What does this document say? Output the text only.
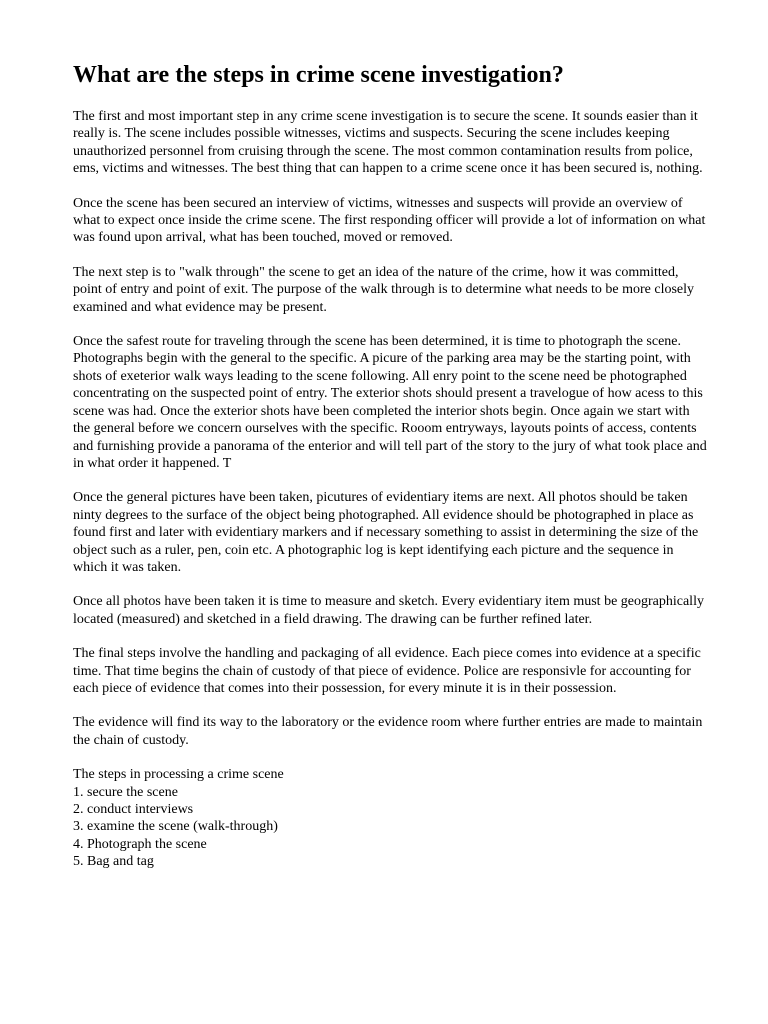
What are the steps in crime scene investigation?

The first and most important step in any crime scene investigation is to secure the scene. It sounds easier than it really is. The scene includes possible witnesses, victims and suspects. Securing the scene includes keeping unauthorized personnel from cruising through the scene. The most common contamination results from police, ems, victims and witnesses. The best thing that can happen to a crime scene once it has been secured is, nothing.

Once the scene has been secured an interview of victims, witnesses and suspects will provide an overview of what to expect once inside the crime scene. The first responding officer will provide a lot of information on what was found upon arrival, what has been touched, moved or removed.

The next step is to "walk through" the scene to get an idea of the nature of the crime, how it was committed, point of entry and point of exit. The purpose of the walk through is to determine what needs to be more closely examined and what evidence may be present.

Once the safest route for traveling through the scene has been determined, it is time to photograph the scene. Photographs begin with the general to the specific. A picure of the parking area may be the starting point, with shots of exeterior walk ways leading to the scene following. All enry point to the scene need be photographed concentrating on the suspected point of entry. The exterior shots should present a travelogue of how acess to this scene was had. Once the exterior shots have been completed the interior shots begin. Once again we start with the general before we concern ourselves with the specific. Rooom entryways, layouts points of access, contents and furnishing provide a panorama of the enterior and will tell part of the story to the jury of what took place and in what order it happened. T

Once the general pictures have been taken, picutures of evidentiary items are next. All photos should be taken ninty degrees to the surface of the object being photographed. All evidence should be photographed in place as found first and later with evidentiary markers and if necessary something to assist in determining the size of the object such as a ruler, pen, coin etc. A photographic log is kept identifying each picture and the sequence in which it was taken.

Once all photos have been taken it is time to measure and sketch. Every evidentiary item must be geographically located (measured) and sketched in a field drawing. The drawing can be further refined later.

The final steps involve the handling and packaging of all evidence. Each piece comes into evidence at a specific time. That time begins the chain of custody of that piece of evidence. Police are responsivle for accounting for each piece of evidence that comes into their possession, for every minute it is in their possession.

The evidence will find its way to the laboratory or the evidence room where further entries are made to maintain the chain of custody.

The steps in processing a crime scene
1. secure the scene
2. conduct interviews
3. examine the scene (walk-through)
4. Photograph the scene
5. Bag and tag
